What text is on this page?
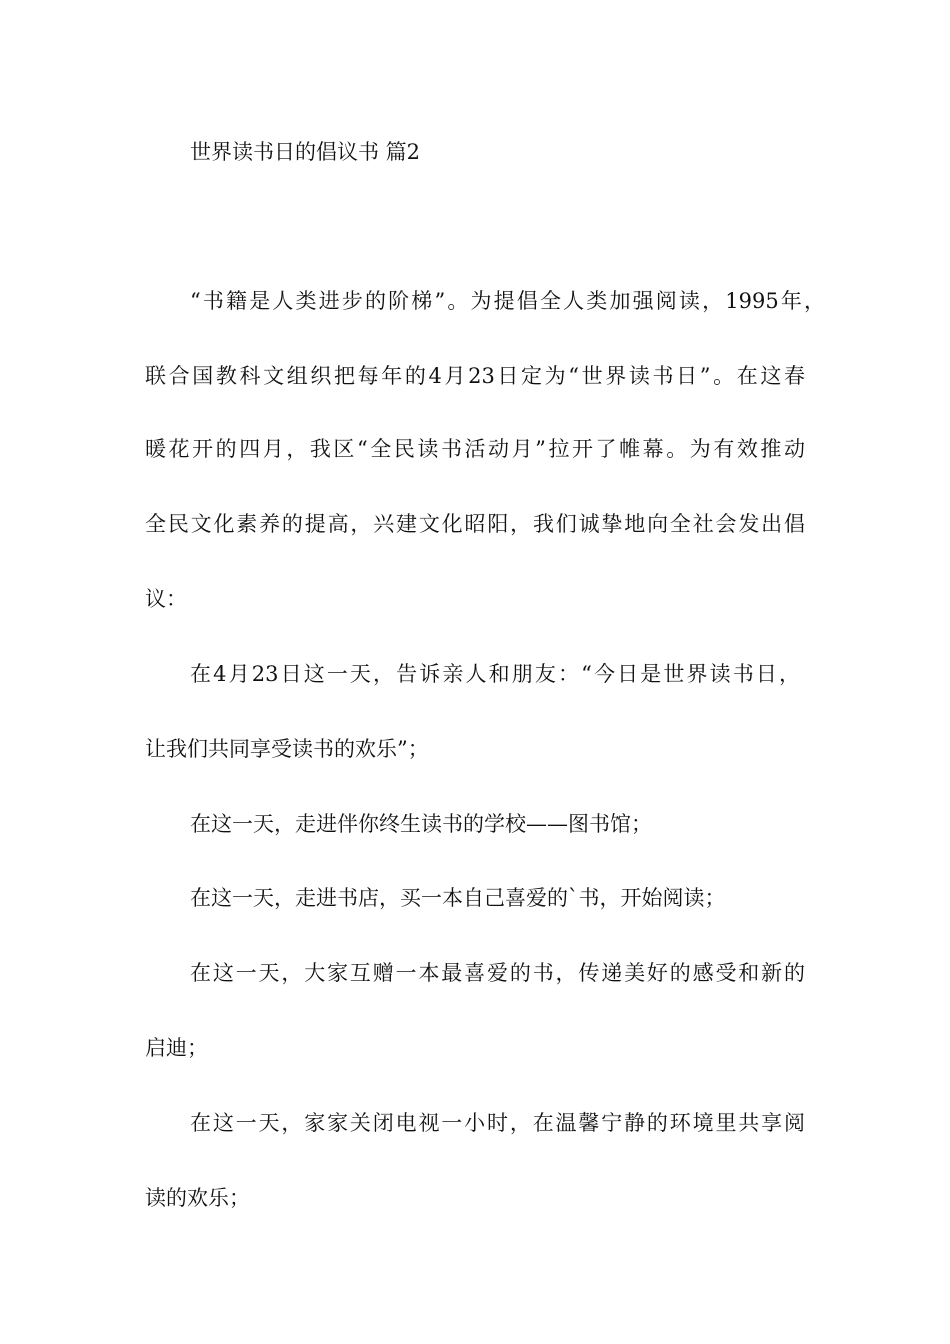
世界读书日的倡议书 篇2

“书籍是人类进步的阶梯”。为提倡全人类加强阅读，1995年，

联合国教科文组织把每年的4月23日定为“世界读书日”。在这春

暖花开的四月，我区“全民读书活动月”拉开了帷幕。为有效推动

全民文化素养的提高，兴建文化昭阳，我们诚挚地向全社会发出倡

议：

在4月23日这一天，告诉亲人和朋友：“今日是世界读书日，

让我们共同享受读书的欢乐”；

在这一天，走进伴你终生读书的学校——图书馆；

在这一天，走进书店，买一本自己喜爱的`书，开始阅读；

在这一天，大家互赠一本最喜爱的书，传递美好的感受和新的

启迪；

在这一天，家家关闭电视一小时，在温馨宁静的环境里共享阅

读的欢乐；
